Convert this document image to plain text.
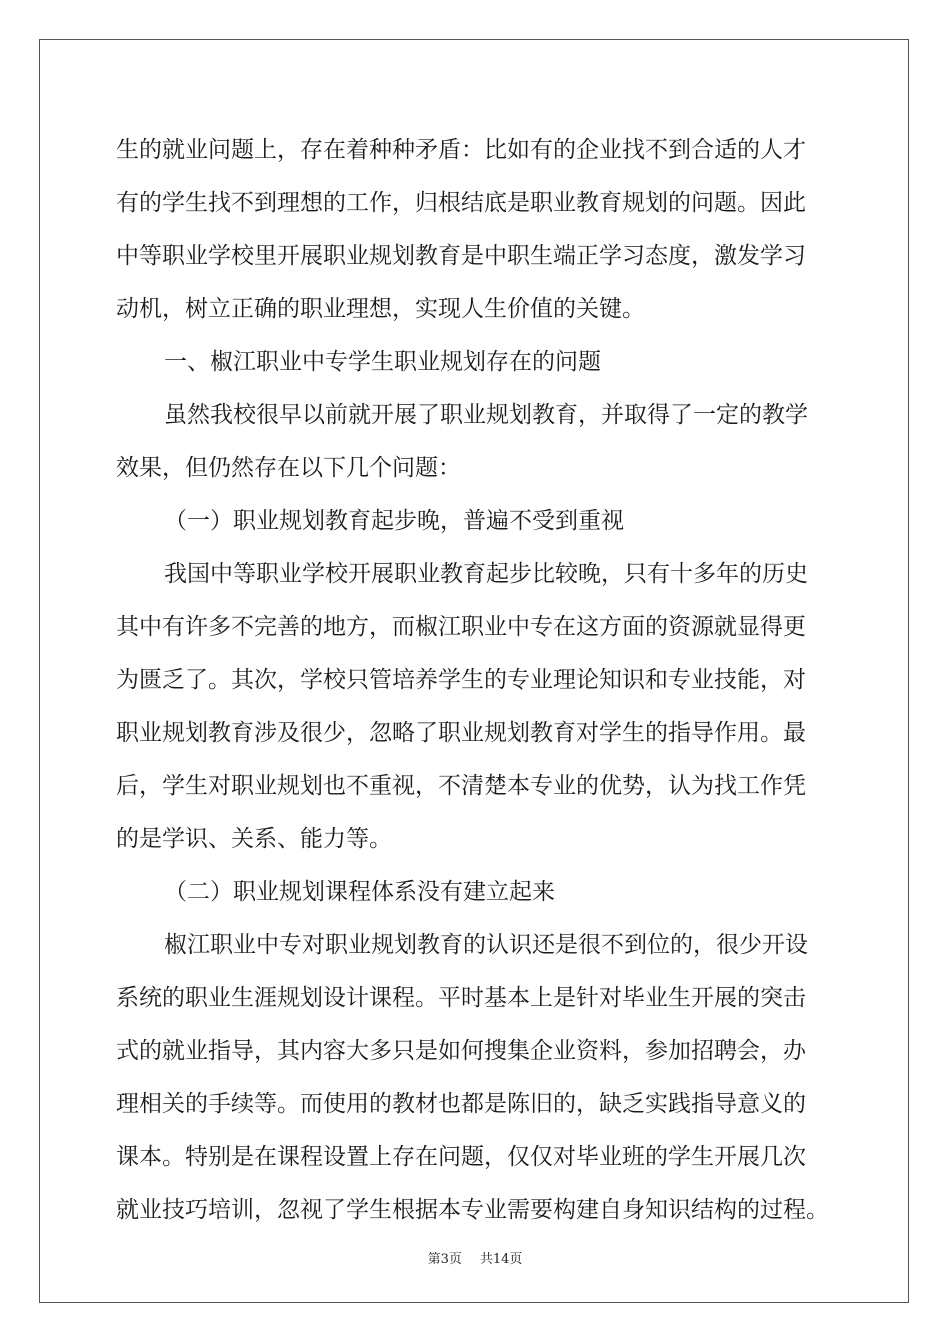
生的就业问题上，存在着种种矛盾：比如有的企业找不到合适的人才
有的学生找不到理想的工作，归根结底是职业教育规划的问题。因此
中等职业学校里开展职业规划教育是中职生端正学习态度，激发学习
动机，树立正确的职业理想，实现人生价值的关键。
一、椒江职业中专学生职业规划存在的问题
虽然我校很早以前就开展了职业规划教育，并取得了一定的教学
效果，但仍然存在以下几个问题：
（一）职业规划教育起步晚，普遍不受到重视
我国中等职业学校开展职业教育起步比较晚，只有十多年的历史
其中有许多不完善的地方，而椒江职业中专在这方面的资源就显得更
为匮乏了。其次，学校只管培养学生的专业理论知识和专业技能，对
职业规划教育涉及很少，忽略了职业规划教育对学生的指导作用。最
后，学生对职业规划也不重视，不清楚本专业的优势，认为找工作凭
的是学识、关系、能力等。
（二）职业规划课程体系没有建立起来
椒江职业中专对职业规划教育的认识还是很不到位的，很少开设
系统的职业生涯规划设计课程。平时基本上是针对毕业生开展的突击
式的就业指导，其内容大多只是如何搜集企业资料，参加招聘会，办
理相关的手续等。而使用的教材也都是陈旧的，缺乏实践指导意义的
课本。特别是在课程设置上存在问题，仅仅对毕业班的学生开展几次
就业技巧培训，忽视了学生根据本专业需要构建自身知识结构的过程。
第3页 共14页
